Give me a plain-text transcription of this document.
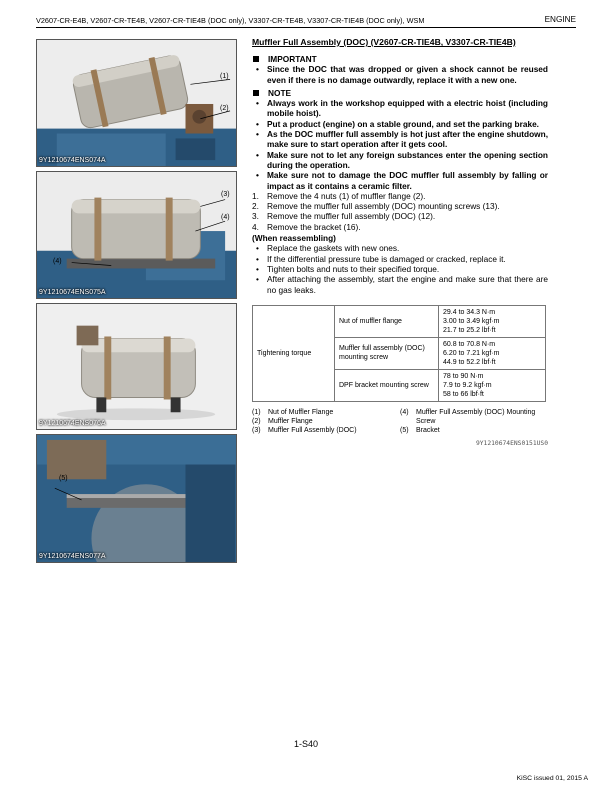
V2607-CR-E4B, V2607-CR-TE4B, V2607-CR-TIE4B (DOC only), V3307-CR-TE4B, V3307-CR-TIE4B (DOC only), WSM	ENGINE
(1)
(2)
9Y1210674ENS074A
(3)
(4)
(4)
9Y1210674ENS075A
9Y1210674ENS076A
(5)
9Y1210674ENS077A
Muffler Full Assembly (DOC) (V2607-CR-TIE4B, V3307-CR-TIE4B)
IMPORTANT
• Since the DOC that was dropped or given a shock cannot be reused even if there is no damage outwardly, replace it with a new one.
NOTE
• Always work in the workshop equipped with a electric hoist (including mobile hoist).
• Put a product (engine) on a stable ground, and set the parking brake.
• As the DOC muffler full assembly is hot just after the engine shutdown, make sure to start operation after it gets cool.
• Make sure not to let any foreign substances enter the opening section during the operation.
• Make sure not to damage the DOC muffler full assembly by falling or impact as it contains a ceramic filter.
1. Remove the 4 nuts (1) of muffler flange (2).
2. Remove the muffler full assembly (DOC) mounting screws (13).
3. Remove the muffler full assembly (DOC) (12).
4. Remove the bracket (16).
(When reassembling)
• Replace the gaskets with new ones.
• If the differential pressure tube is damaged or cracked, replace it.
• Tighten bolts and nuts to their specified torque.
• After attaching the assembly, start the engine and make sure that there are no gas leaks.
Tightening torque	Nut of muffler flange	29.4 to 34.3 N·m
3.00 to 3.49 kgf·m
21.7 to 25.2 lbf·ft

	Muffler full assembly (DOC) mounting screw	60.8 to 70.8 N·m
6.20 to 7.21 kgf·m
44.9 to 52.2 lbf·ft

	DPF bracket mounting screw	78 to 90 N·m
7.9 to 9.2 kgf·m
58 to 66 lbf·ft
(1)	Nut of Muffler Flange
(2)	Muffler Flange
(3)	Muffler Full Assembly (DOC)
(4)	Muffler Full Assembly (DOC) Mounting Screw
(5)	Bracket
9Y1210674ENS0151US0
1-S40
KiSC issued 01, 2015 A
